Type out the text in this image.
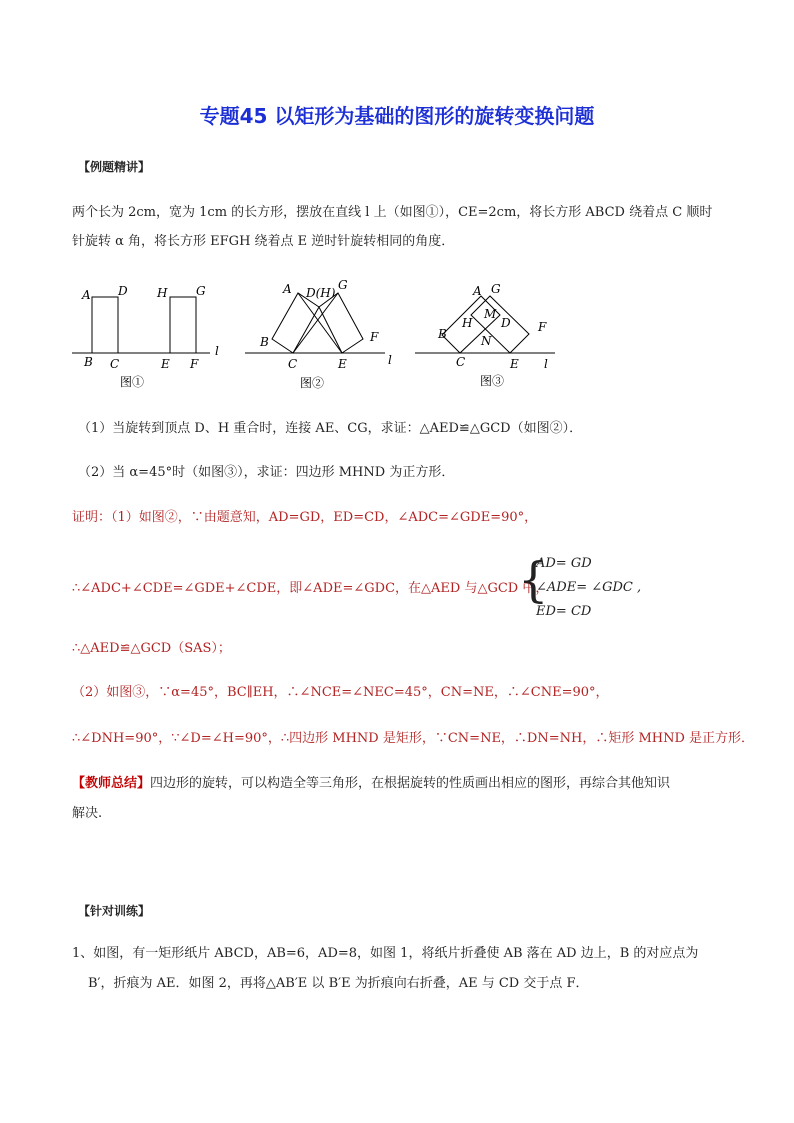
专题45 以矩形为基础的图形的旋转变换问题
【例题精讲】
两个长为 2cm，宽为 1cm 的长方形，摆放在直线 l 上（如图①），CE=2cm，将长方形 ABCD 绕着点 C 顺时
针旋转 α 角，将长方形 EFGH 绕着点 E 逆时针旋转相同的角度．
A D H G
B C	E F
l
图①
A D(H)
G
B	F
C	E	l
图②
A G
M
H D
B	N
F
C	E l
图③
（1）当旋转到顶点 D、H 重合时，连接 AE、CG，求证：△AED≌△GCD（如图②）．
（2）当 α=45°时（如图③），求证：四边形 MHND 为正方形．
证明：（1）如图②，∵由题意知，AD=GD，ED=CD，∠ADC=∠GDE=90°，
∴∠ADC+∠CDE=∠GDE+∠CDE，即∠ADE=∠GDC，在△AED 与△GCD 中，
{
AD= GD
∠ADE= ∠GDC ,
ED= CD
∴△AED≌△GCD（SAS）；
（2）如图③，∵α=45°，BC∥EH，∴∠NCE=∠NEC=45°，CN=NE，∴∠CNE=90°，
∴∠DNH=90°，∵∠D=∠H=90°，∴四边形 MHND 是矩形，∵CN=NE，∴DN=NH，∴矩形 MHND 是正方形．
【教师总结】四边形的旋转，可以构造全等三角形，在根据旋转的性质画出相应的图形，再综合其他知识
解决.
【针对训练】
1、如图，有一矩形纸片 ABCD，AB=6，AD=8，如图 1，将纸片折叠使 AB 落在 AD 边上，B 的对应点为
B′，折痕为 AE．如图 2，再将△AB′E 以 B′E 为折痕向右折叠，AE 与 CD 交于点 F．
